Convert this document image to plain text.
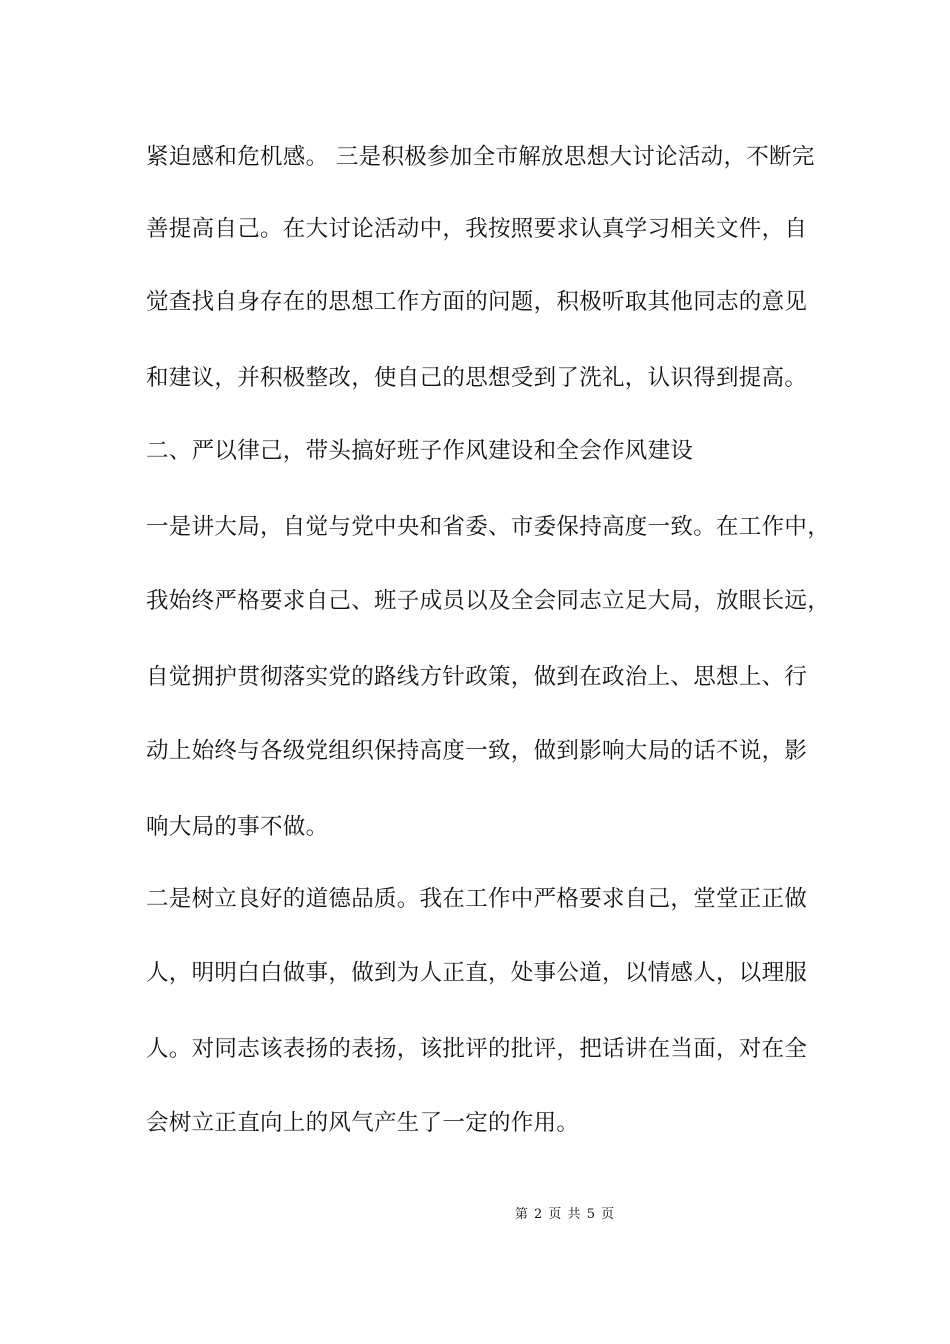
紧迫感和危机感。 三是积极参加全市解放思想大讨论活动，不断完
善提高自己。在大讨论活动中，我按照要求认真学习相关文件，自
觉查找自身存在的思想工作方面的问题，积极听取其他同志的意见
和建议，并积极整改，使自己的思想受到了洗礼，认识得到提高。
二、严以律己，带头搞好班子作风建设和全会作风建设
一是讲大局，自觉与党中央和省委、市委保持高度一致。在工作中，
我始终严格要求自己、班子成员以及全会同志立足大局，放眼长远，
自觉拥护贯彻落实党的路线方针政策，做到在政治上、思想上、行
动上始终与各级党组织保持高度一致，做到影响大局的话不说，影
响大局的事不做。
二是树立良好的道德品质。我在工作中严格要求自己，堂堂正正做
人，明明白白做事，做到为人正直，处事公道，以情感人，以理服
人。对同志该表扬的表扬，该批评的批评，把话讲在当面，对在全
会树立正直向上的风气产生了一定的作用。
第 2 页 共 5 页
